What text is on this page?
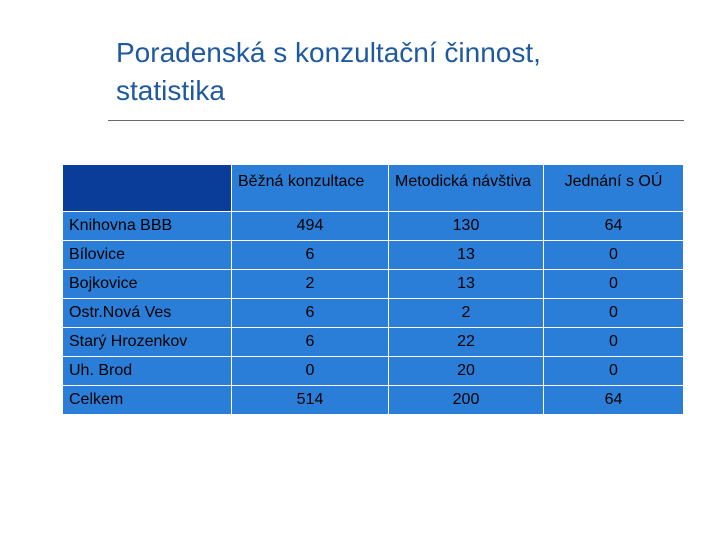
Poradenská s konzultační činnost,
statistika

	Běžná konzultace	Metodická návštiva	Jednání s OÚ

Knihovna BBB	494	130	64
Bílovice	6	13	0
Bojkovice	2	13	0
Ostr.Nová Ves	6	2	0
Starý Hrozenkov	6	22	0
Uh. Brod	0	20	0
Celkem	514	200	64
